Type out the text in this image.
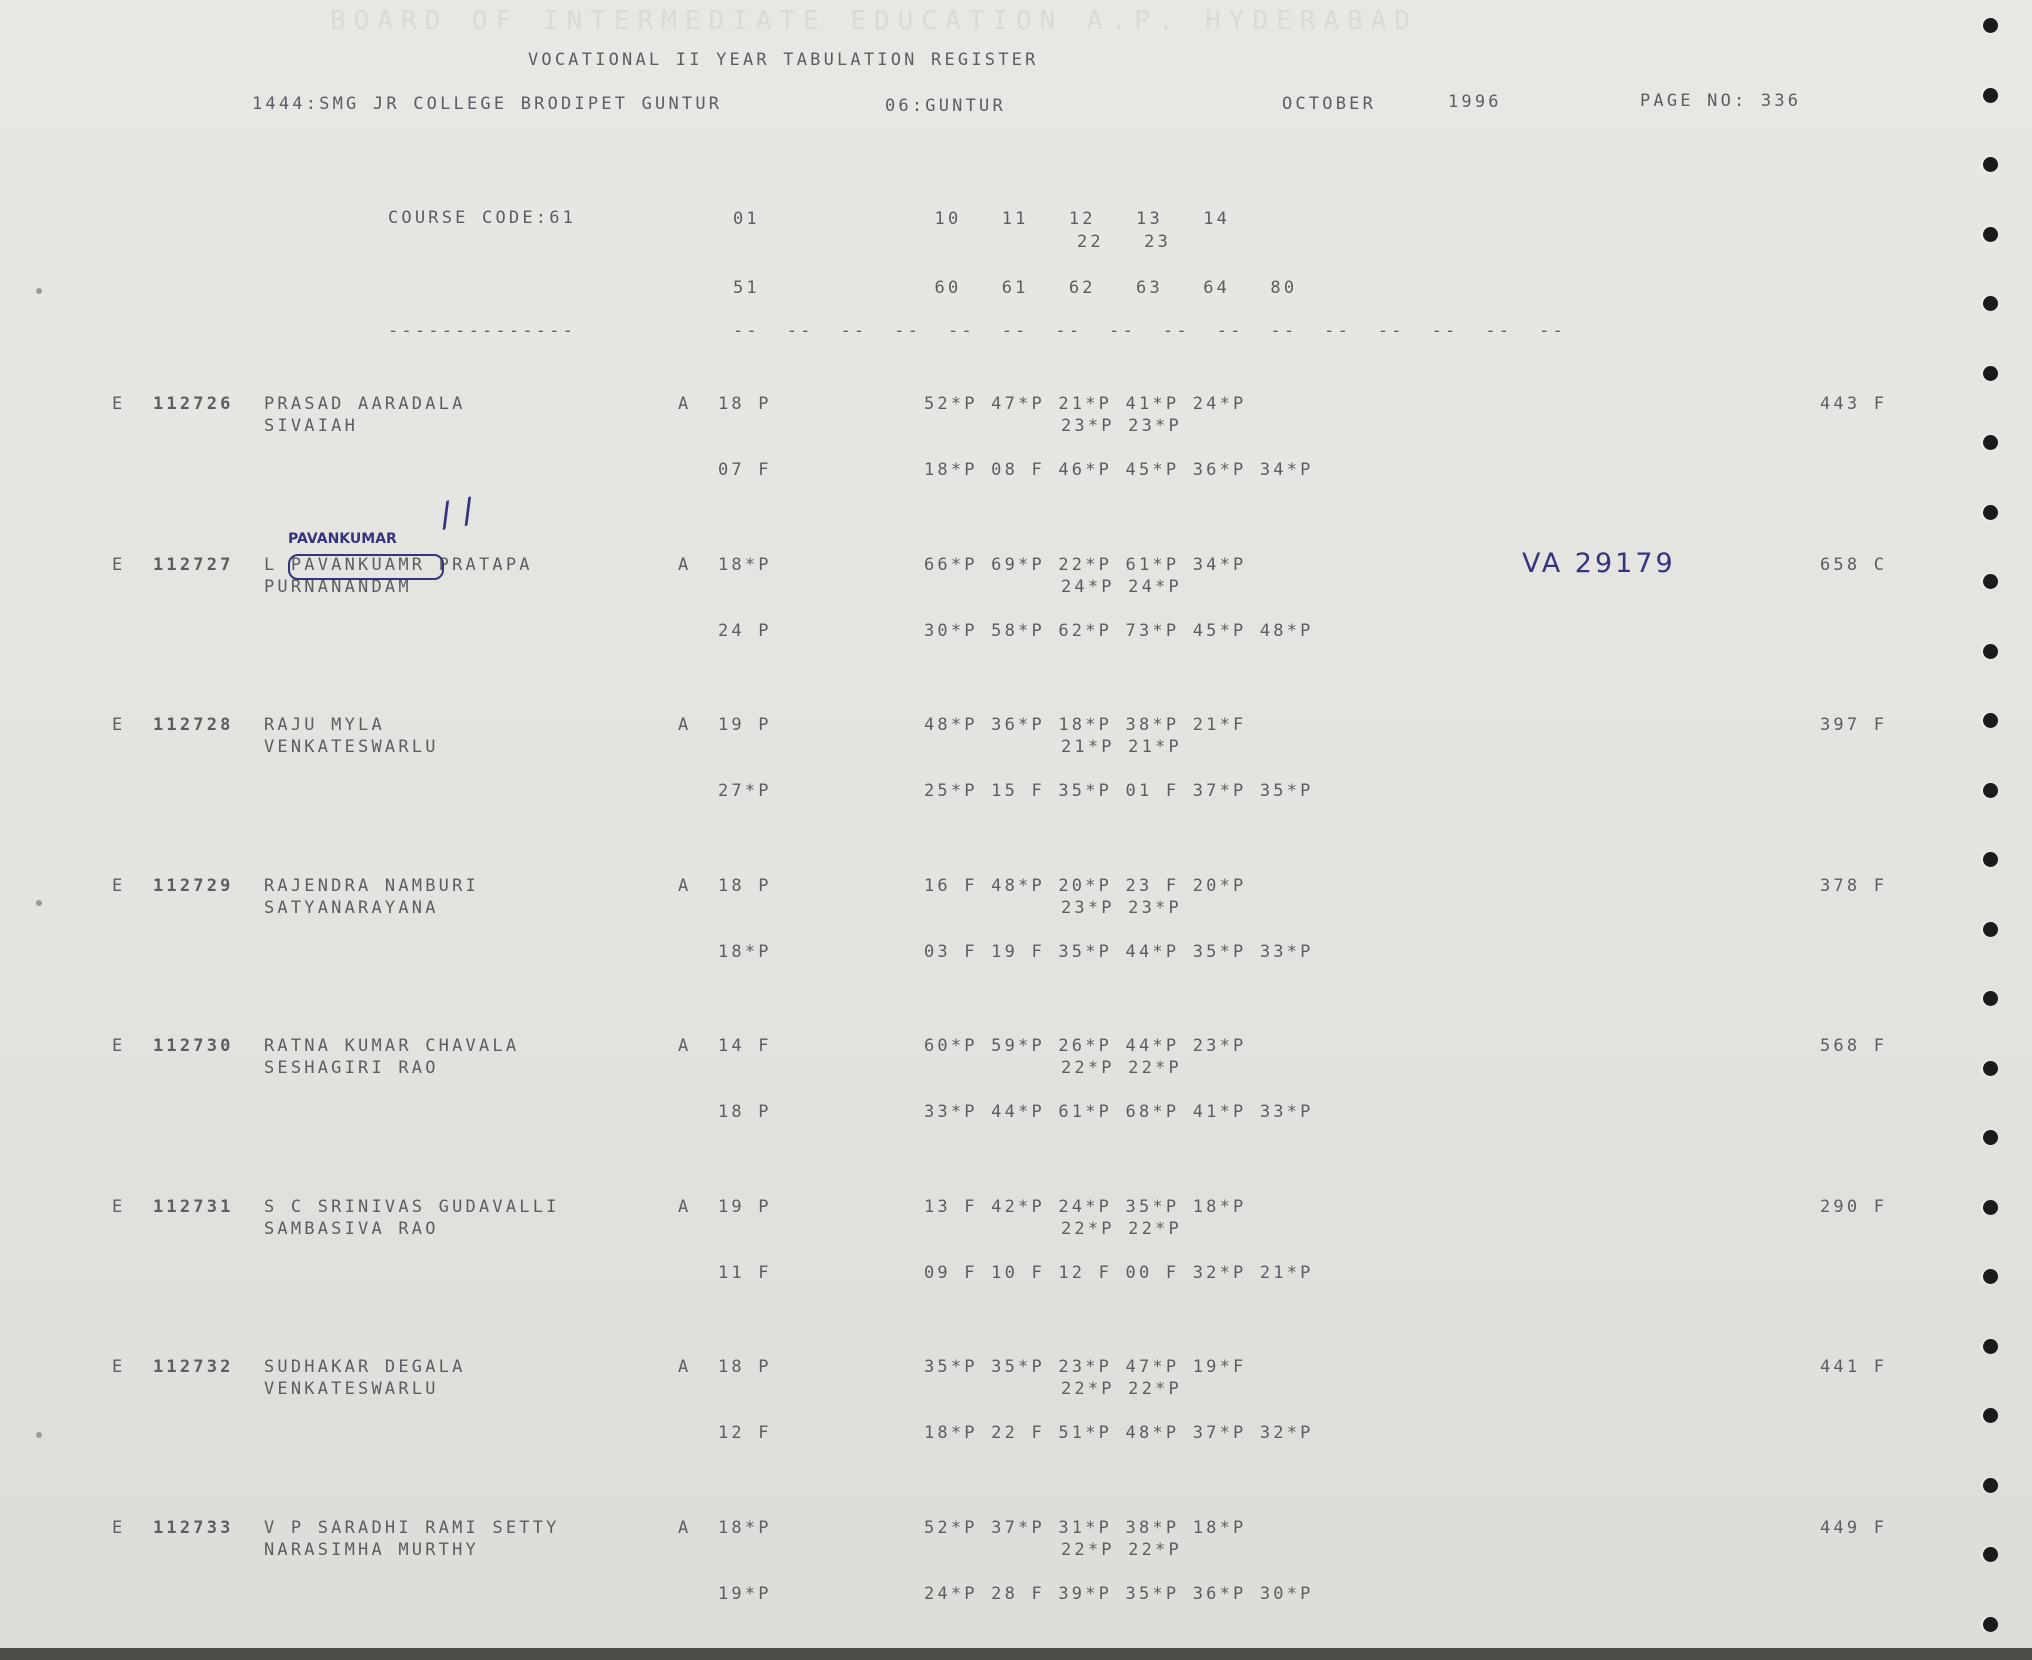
BOARD OF INTERMEDIATE EDUCATION A.P. HYDERABAD
VOCATIONAL II YEAR TABULATION REGISTER
1444:SMG JR COLLEGE BRODIPET GUNTUR	06:GUNTUR	OCTOBER	1996	PAGE NO: 336
COURSE CODE:61	01             10   11   12   13   14
22   23
51             60   61   62   63   64   80
--------------	--  --  --  --  --  --  --  --  --  --  --  --  --  --  --  --
E 112726 PRASAD AARADALA
SIVAIAH
A 18 P	52*P 47*P 21*P 41*P 24*P
23*P 23*P
07 F	18*P 08 F 46*P 45*P 36*P 34*P
443 F
E 112727 L PAVANKUAMR PRATAPA
PURNANANDAM
A 18*P	66*P 69*P 22*P 61*P 34*P
24*P 24*P
24 P	30*P 58*P 62*P 73*P 45*P 48*P
658 C
E 112728 RAJU MYLA
VENKATESWARLU
A 19 P	48*P 36*P 18*P 38*P 21*F
21*P 21*P
27*P	25*P 15 F 35*P 01 F 37*P 35*P
397 F
E 112729 RAJENDRA NAMBURI
SATYANARAYANA
A 18 P	16 F 48*P 20*P 23 F 20*P
23*P 23*P
18*P	03 F 19 F 35*P 44*P 35*P 33*P
378 F
E 112730 RATNA KUMAR CHAVALA
SESHAGIRI RAO
A 14 F	60*P 59*P 26*P 44*P 23*P
22*P 22*P
18 P	33*P 44*P 61*P 68*P 41*P 33*P
568 F
E 112731 S C SRINIVAS GUDAVALLI
SAMBASIVA RAO
A 19 P	13 F 42*P 24*P 35*P 18*P
22*P 22*P
11 F	09 F 10 F 12 F 00 F 32*P 21*P
290 F
E 112732 SUDHAKAR DEGALA
VENKATESWARLU
A 18 P	35*P 35*P 23*P 47*P 19*F
22*P 22*P
12 F	18*P 22 F 51*P 48*P 37*P 32*P
441 F
E 112733 V P SARADHI RAMI SETTY
NARASIMHA MURTHY
A 18*P	52*P 37*P 31*P 38*P 18*P
22*P 22*P
19*P	24*P 28 F 39*P 35*P 36*P 30*P
449 F
PAVANKUMAR
/ /
VA 29179
